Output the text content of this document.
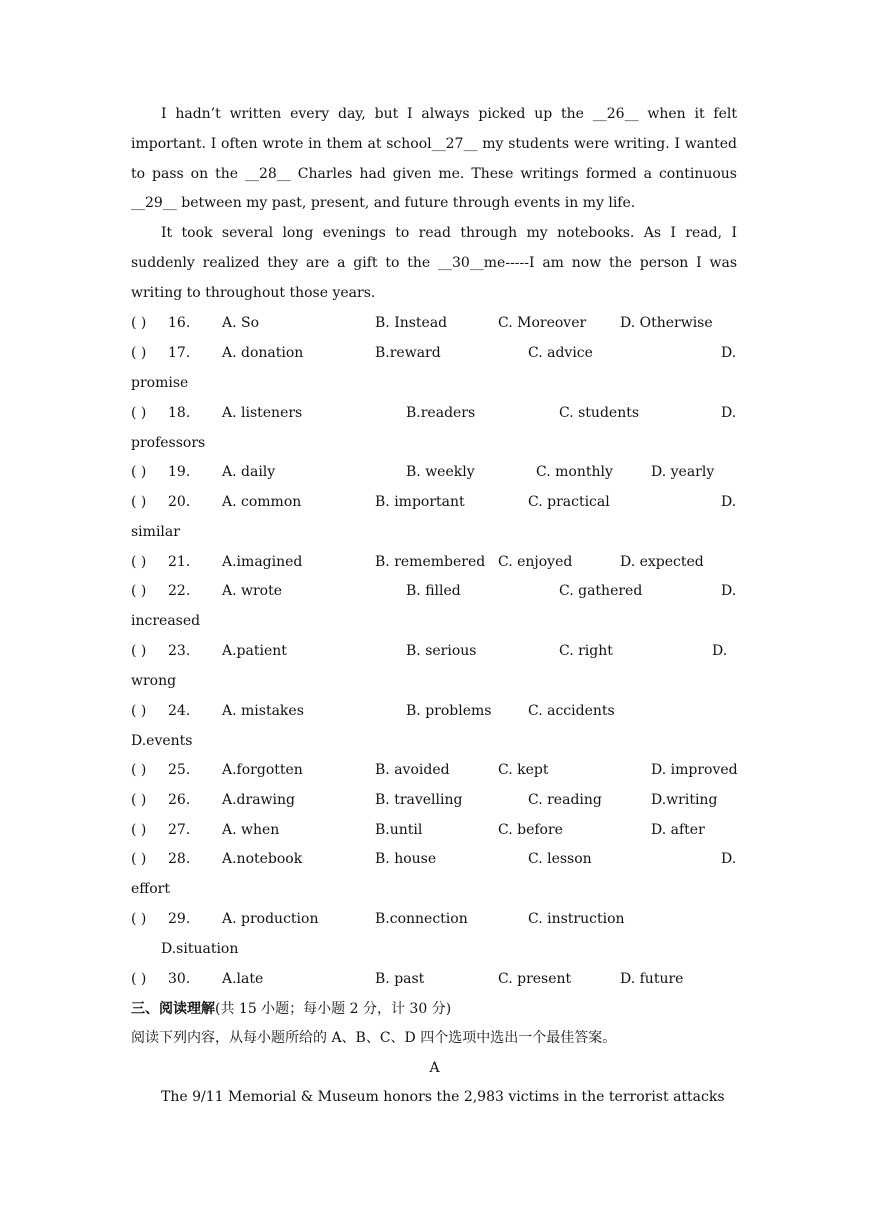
I hadn’t written every day, but I always picked up the __26__ when it felt important. I often wrote in them at school__27__ my students were writing. I wanted to pass on the __28__ Charles had given me. These writings formed a continuous __29__ between my past, present, and future through events in my life.

It took several long evenings to read through my notebooks. As I read, I suddenly realized they are a gift to the __30__me-----I am now the person I was writing to throughout those years.

( ) 16. A. So	B. Instead	C. Moreover D. Otherwise
( ) 17. A. donation	B.reward	C. advice	D.
promise
( ) 18. A. listeners	B.readers	C. students	D.
professors
( ) 19. A. daily	B. weekly	C. monthly	D. yearly
( ) 20. A. common	B. important	C. practical	D.
similar
( ) 21. A.imagined	B. remembered C. enjoyed	D. expected
( ) 22. A. wrote	B. filled	C. gathered	D.
increased
( ) 23. A.patient	B. serious	C. right	D.
wrong
( ) 24. A. mistakes	B. problems	C. accidents
D.events
( ) 25. A.forgotten	B. avoided	C. kept	D. improved
( ) 26. A.drawing	B. travelling	C. reading	D.writing
( ) 27. A. when	B.until	C. before	D. after
( ) 28. A.notebook	B. house	C. lesson	D.
effort
( ) 29. A. production	B.connection	C. instruction
D.situation
( ) 30. A.late	B. past	C. present	D. future
三、阅读理解(共 15 小题；每小题 2 分，计 30 分)
阅读下列内容，从每小题所给的 A、B、C、D 四个选项中选出一个最佳答案。
A

The 9/11 Memorial & Museum honors the 2,983 victims in the terrorist attacks
